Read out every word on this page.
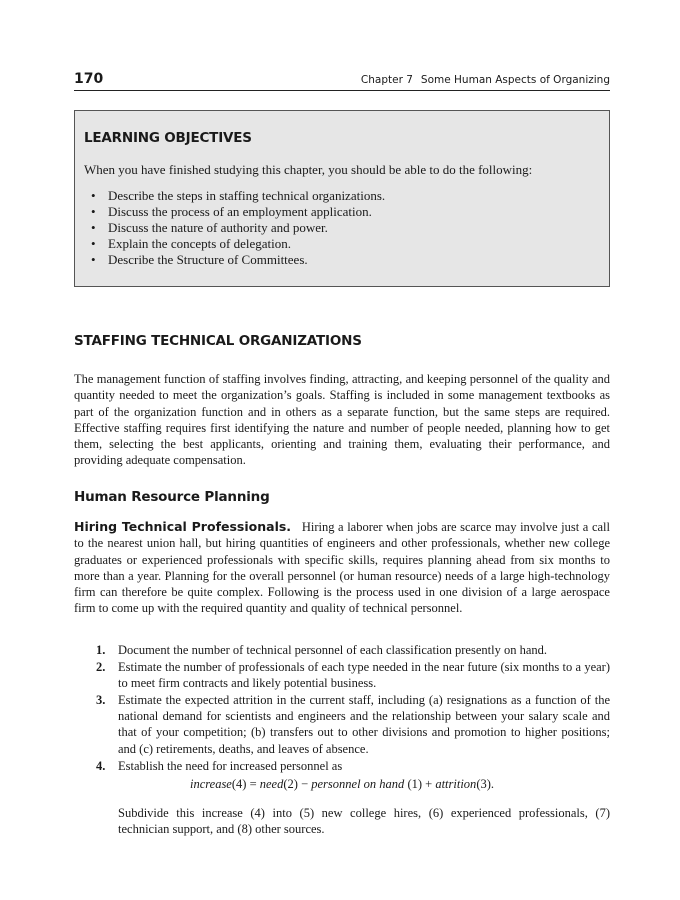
170	Chapter 7 Some Human Aspects of Organizing
LEARNING OBJECTIVES
When you have finished studying this chapter, you should be able to do the following:
• Describe the steps in staffing technical organizations.
• Discuss the process of an employment application.
• Discuss the nature of authority and power.
• Explain the concepts of delegation.
• Describe the Structure of Committees.
STAFFING TECHNICAL ORGANIZATIONS
The management function of staffing involves finding, attracting, and keeping personnel of the quality and quantity needed to meet the organization’s goals. Staffing is included in some management textbooks as part of the organization function and in others as a separate function, but the same steps are required. Effective staffing requires first identifying the nature and number of people needed, planning how to get them, selecting the best applicants, orienting and training them, evaluating their performance, and providing adequate compensation.
Human Resource Planning
Hiring Technical Professionals. Hiring a laborer when jobs are scarce may involve just a call to the nearest union hall, but hiring quantities of engineers and other professionals, whether new college graduates or experienced professionals with specific skills, requires planning ahead from six months to more than a year. Planning for the overall personnel (or human resource) needs of a large high-technology firm can therefore be quite complex. Following is the process used in one division of a large aerospace firm to come up with the required quantity and quality of technical personnel.
1. Document the number of technical personnel of each classification presently on hand.
2. Estimate the number of professionals of each type needed in the near future (six months to a year) to meet firm contracts and likely potential business.
3. Estimate the expected attrition in the current staff, including (a) resignations as a function of the national demand for scientists and engineers and the relationship between your salary scale and that of your competition; (b) transfers out to other divisions and promotion to higher positions; and (c) retirements, deaths, and leaves of absence.
4. Establish the need for increased personnel as
increase(4) = need(2) − personnel on hand (1) + attrition(3).
Subdivide this increase (4) into (5) new college hires, (6) experienced professionals, (7) technician support, and (8) other sources.
